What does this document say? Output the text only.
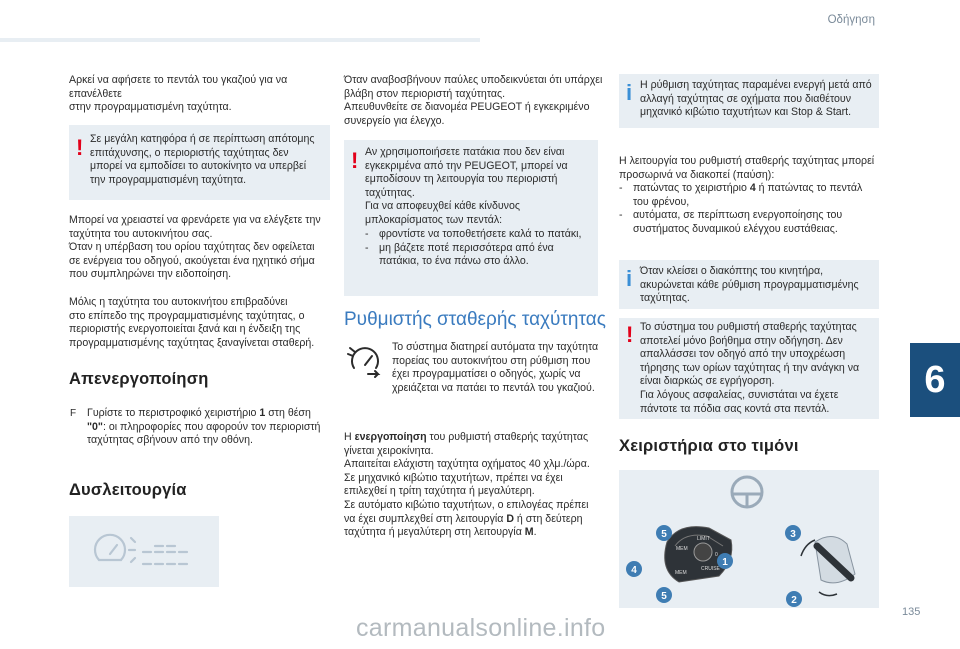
Οδήγηση

Αρκεί να αφήσετε το πεντάλ του γκαζιού για να επανέλθετε
στην προγραμματισμένη ταχύτητα.

! Σε μεγάλη κατηφόρα ή σε περίπτωση απότομης
επιτάχυνσης, ο περιοριστής ταχύτητας δεν
μπορεί να εμποδίσει το αυτοκίνητο να υπερβεί
την προγραμματισμένη ταχύτητα.

Μπορεί να χρειαστεί να φρενάρετε για να ελέγξετε την
ταχύτητα του αυτοκινήτου σας.
Όταν η υπέρβαση του ορίου ταχύτητας δεν οφείλεται
σε ενέργεια του οδηγού, ακούγεται ένα ηχητικό σήμα
που συμπληρώνει την ειδοποίηση.

Μόλις η ταχύτητα του αυτοκινήτου επιβραδύνει
στο επίπεδο της προγραμματισμένης ταχύτητας, ο
περιοριστής ενεργοποιείται ξανά και η ένδειξη της
προγραμματισμένης ταχύτητας ξαναγίνεται σταθερή.

Απενεργοποίηση
F Γυρίστε το περιστροφικό χειριστήριο 1 στη θέση
"0": οι πληροφορίες που αφορούν τον περιοριστή
ταχύτητας σβήνουν από την οθόνη.

Δυσλειτουργία

Όταν αναβοσβήνουν παύλες υποδεικνύεται ότι υπάρχει
βλάβη στον περιοριστή ταχύτητας.
Απευθυνθείτε σε διανομέα PEUGEOT ή εγκεκριμένο
συνεργείο για έλεγχο.

! Αν χρησιμοποιήσετε πατάκια που δεν είναι
εγκεκριμένα από την PEUGEOT, μπορεί να
εμποδίσουν τη λειτουργία του περιοριστή
ταχύτητας.
Για να αποφευχθεί κάθε κίνδυνος
μπλοκαρίσματος των πεντάλ:

- φροντίστε να τοποθετήσετε καλά το πατάκι,

- μη βάζετε ποτέ περισσότερα από ένα
πατάκια, το ένα πάνω στο άλλο.

Ρυθμιστής σταθερής ταχύτητας

Το σύστημα διατηρεί αυτόματα την ταχύτητα
πορείας του αυτοκινήτου στη ρύθμιση που
έχει προγραμματίσει ο οδηγός, χωρίς να
χρειάζεται να πατάει το πεντάλ του γκαζιού.

Η ενεργοποίηση του ρυθμιστή σταθερής ταχύτητας
γίνεται χειροκίνητα.
Απαιτείται ελάχιστη ταχύτητα οχήματος 40 χλμ./ώρα.
Σε μηχανικό κιβώτιο ταχυτήτων, πρέπει να έχει
επιλεχθεί η τρίτη ταχύτητα ή μεγαλύτερη.
Σε αυτόματο κιβώτιο ταχυτήτων, ο επιλογέας πρέπει
να έχει συμπλεχθεί στη λειτουργία D ή στη δεύτερη
ταχύτητα ή μεγαλύτερη στη λειτουργία M.

i Η ρύθμιση ταχύτητας παραμένει ενεργή μετά από
αλλαγή ταχύτητας σε οχήματα που διαθέτουν
μηχανικό κιβώτιο ταχυτήτων και Stop & Start.

Η λειτουργία του ρυθμιστή σταθερής ταχύτητας μπορεί
προσωρινά να διακοπεί (παύση):

- πατώντας το χειριστήριο 4 ή πατώντας το πεντάλ
του φρένου,

- αυτόματα, σε περίπτωση ενεργοποίησης του
συστήματος δυναμικού ελέγχου ευστάθειας.

i Όταν κλείσει ο διακόπτης του κινητήρα,
ακυρώνεται κάθε ρύθμιση προγραμματισμένης
ταχύτητας.

! Το σύστημα του ρυθμιστή σταθερής ταχύτητας
αποτελεί μόνο βοήθημα στην οδήγηση. Δεν
απαλλάσσει τον οδηγό από την υποχρέωση
τήρησης των ορίων ταχύτητας ή την ανάγκη να
είναι διαρκώς σε εγρήγορση.
Για λόγους ασφαλείας, συνιστάται να έχετε
πάντοτε τα πόδια σας κοντά στα πεντάλ.

Χειριστήρια στο τιμόνι
MEM
LIMIT
CRUISE
MEM
0
5
4
5
1
3
2
6
135
carmanualsonline.info
